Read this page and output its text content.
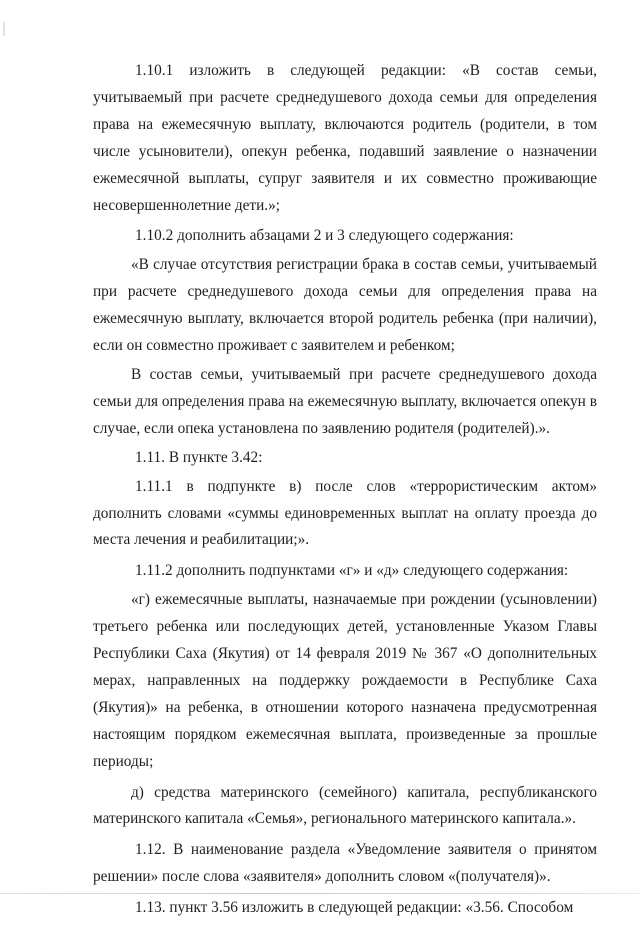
1.10.1 изложить в следующей редакции: «В состав семьи, учитываемый при расчете среднедушевого дохода семьи для определения права на ежемесячную выплату, включаются родитель (родители, в том числе усыновители), опекун ребенка, подавший заявление о назначении ежемесячной выплаты, супруг заявителя и их совместно проживающие несовершеннолетние дети.»;

1.10.2 дополнить абзацами 2 и 3 следующего содержания:

«В случае отсутствия регистрации брака в состав семьи, учитываемый при расчете среднедушевого дохода семьи для определения права на ежемесячную выплату, включается второй родитель ребенка (при наличии), если он совместно проживает с заявителем и ребенком;

В состав семьи, учитываемый при расчете среднедушевого дохода семьи для определения права на ежемесячную выплату, включается опекун в случае, если опека установлена по заявлению родителя (родителей).».

1.11. В пункте 3.42:

1.11.1 в подпункте в) после слов «террористическим актом» дополнить словами «суммы единовременных выплат на оплату проезда до места лечения и реабилитации;».

1.11.2 дополнить подпунктами «г» и «д» следующего содержания:

«г) ежемесячные выплаты, назначаемые при рождении (усыновлении) третьего ребенка или последующих детей, установленные Указом Главы Республики Саха (Якутия) от 14 февраля 2019 № 367 «О дополнительных мерах, направленных на поддержку рождаемости в Республике Саха (Якутия)» на ребенка, в отношении которого назначена предусмотренная настоящим порядком ежемесячная выплата, произведенные за прошлые периоды;

д) средства материнского (семейного) капитала, республиканского материнского капитала «Семья», регионального материнского капитала.».

1.12. В наименование раздела «Уведомление заявителя о принятом решении» после слова «заявителя» дополнить словом «(получателя)».

1.13. пункт 3.56 изложить в следующей редакции: «3.56. Способом
